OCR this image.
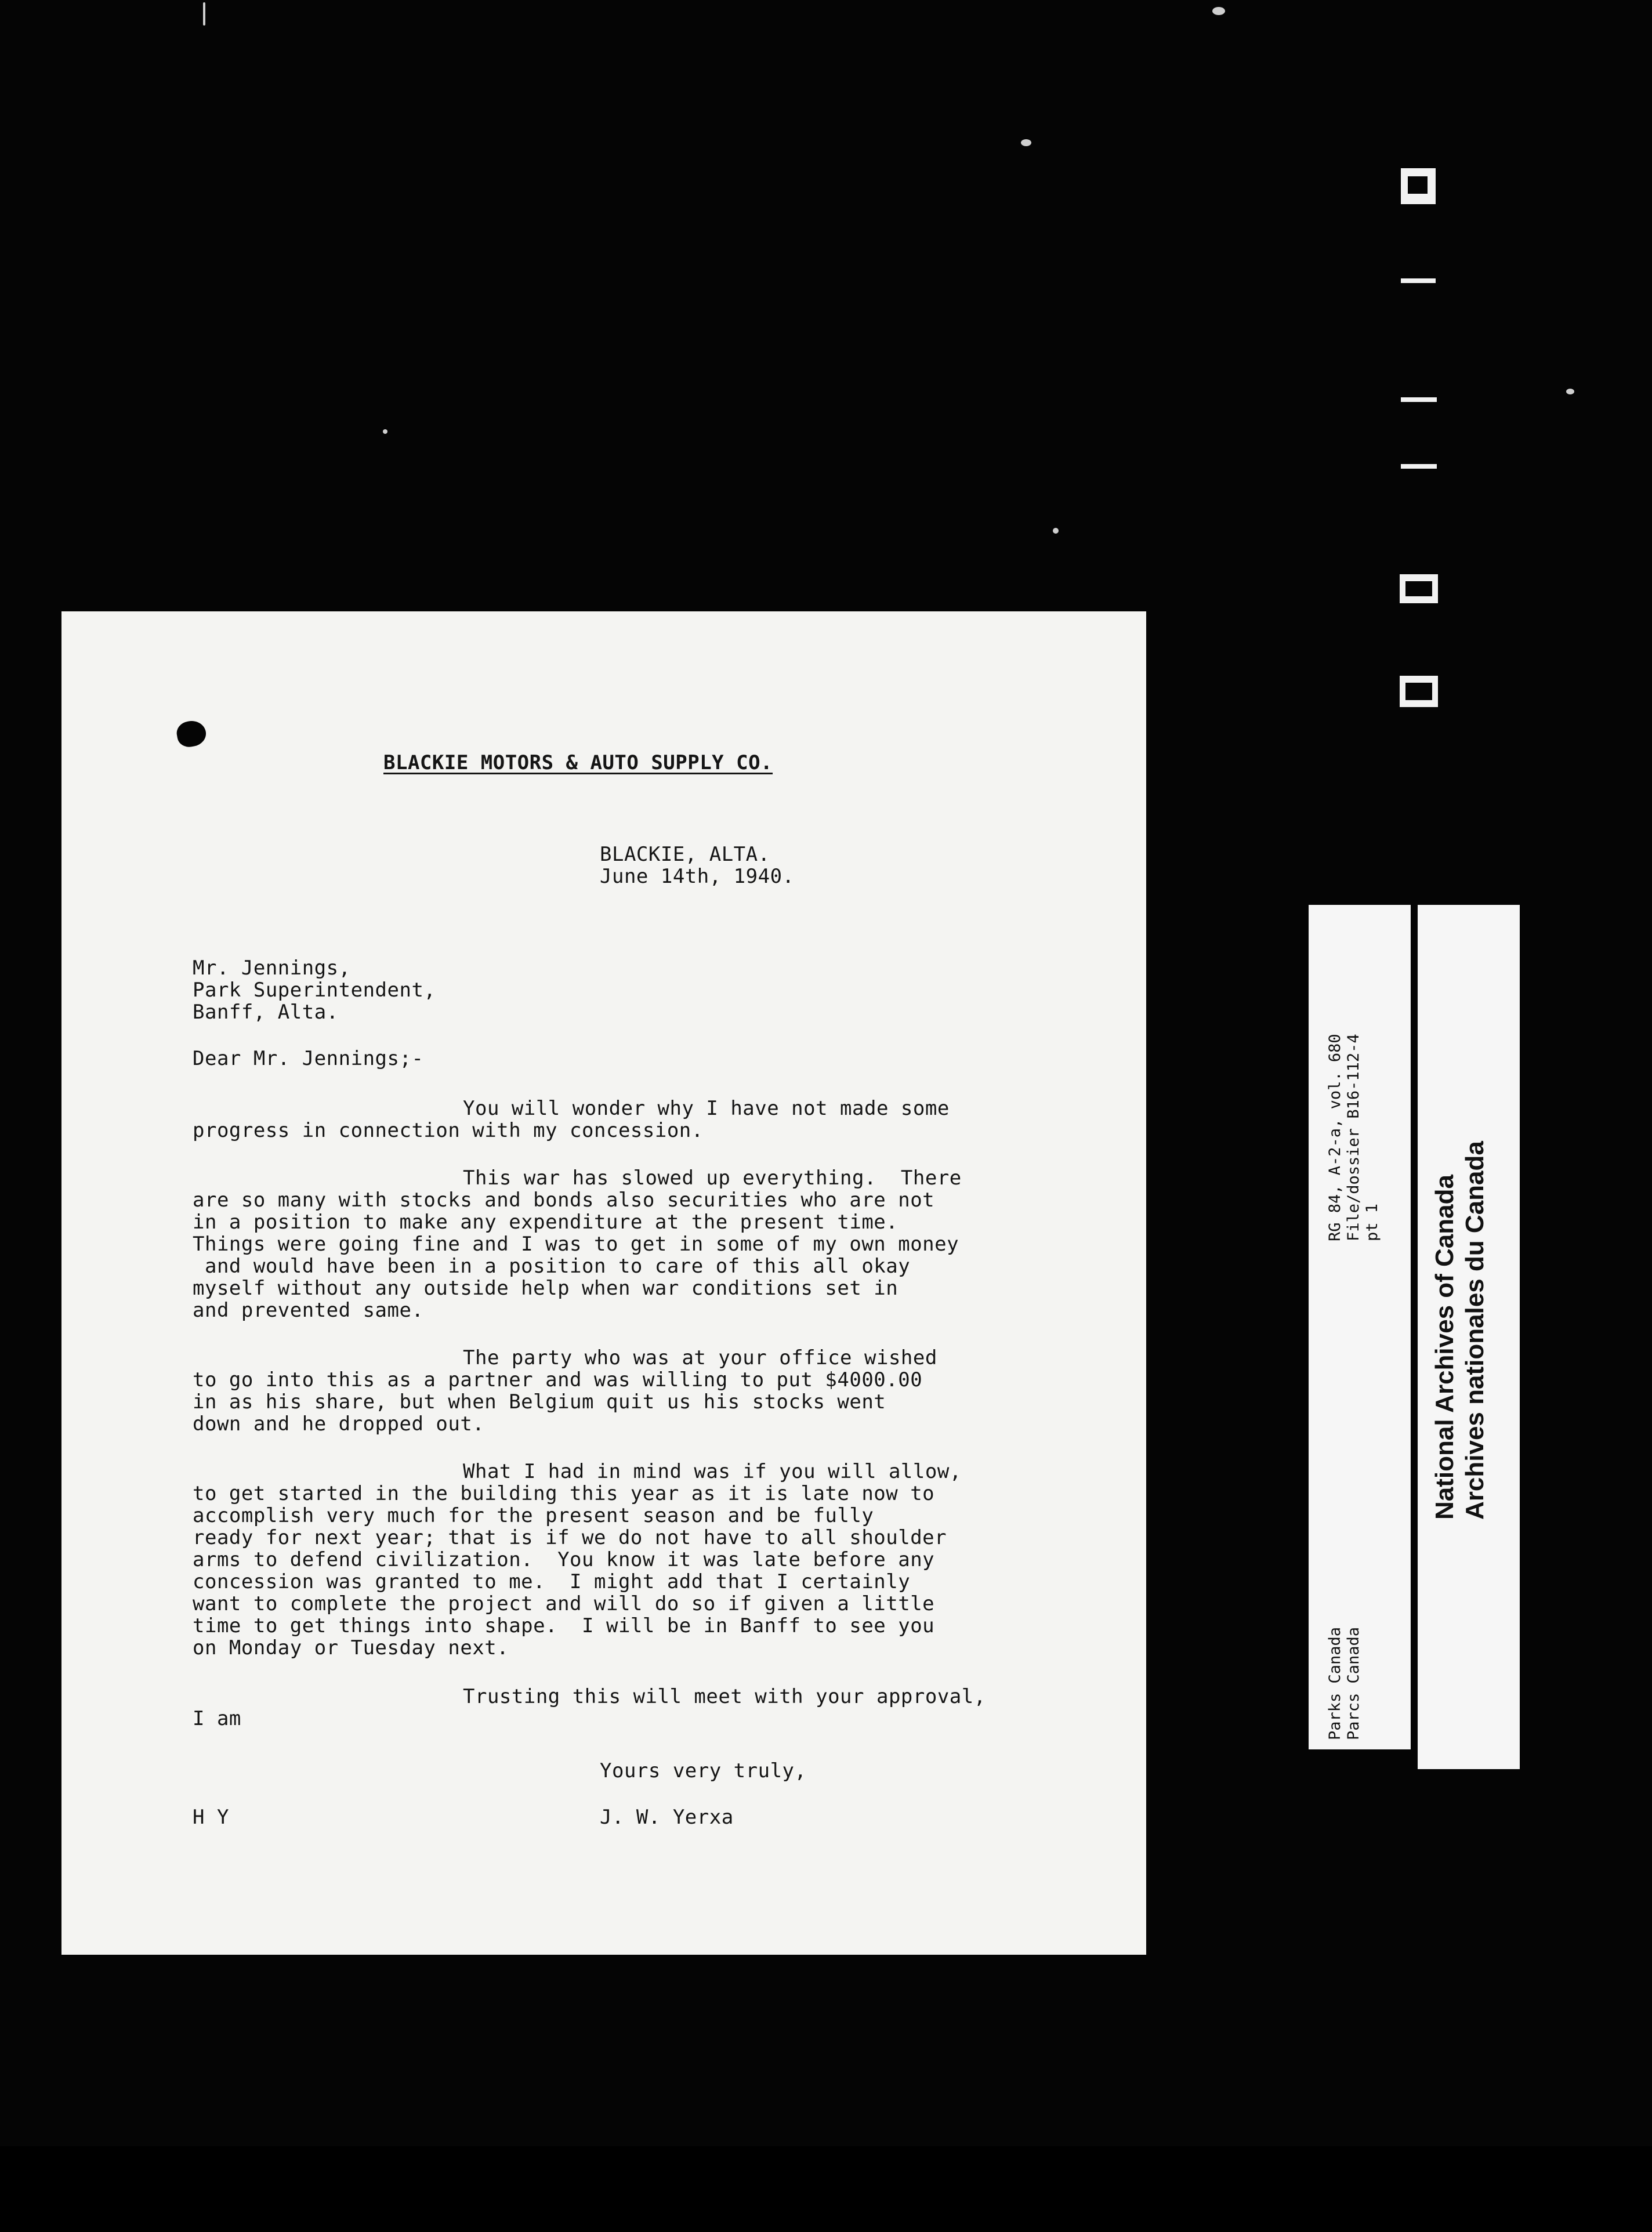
BLACKIE MOTORS & AUTO SUPPLY CO.
BLACKIE, ALTA.
June 14th, 1940.
Mr. Jennings,
Park Superintendent,
Banff, Alta.
Dear Mr. Jennings;-
You will wonder why I have not made some
progress in connection with my concession.
This war has slowed up everything.  There
are so many with stocks and bonds also securities who are not
in a position to make any expenditure at the present time.
Things were going fine and I was to get in some of my own money
and would have been in a position to care of this all okay
myself without any outside help when war conditions set in
and prevented same.
The party who was at your office wished
to go into this as a partner and was willing to put $4000.00
in as his share, but when Belgium quit us his stocks went
down and he dropped out.
What I had in mind was if you will allow,
to get started in the building this year as it is late now to
accomplish very much for the present season and be fully
ready for next year; that is if we do not have to all shoulder
arms to defend civilization.  You know it was late before any
concession was granted to me.  I might add that I certainly
want to complete the project and will do so if given a little
time to get things into shape.  I will be in Banff to see you
on Monday or Tuesday next.
Trusting this will meet with your approval,
I am
Yours very truly,
H Y	J. W. Yerxa
RG 84, A-2-a, vol. 680 File/dossier B16-112-4 pt 1
Parks Canada Parcs Canada
National Archives of Canada Archives nationales du Canada
